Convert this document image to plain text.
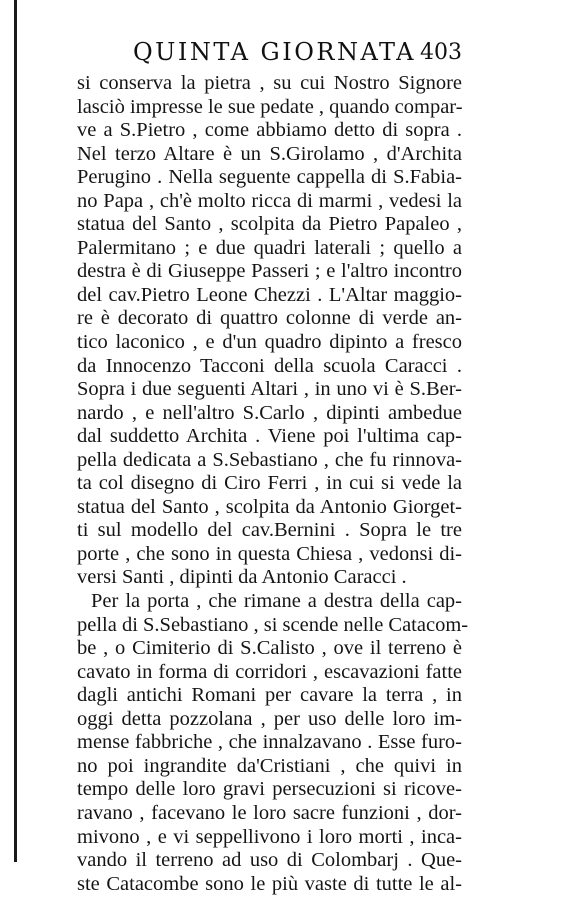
QUINTA GIORNATA 403
si conserva la pietra , su cui Nostro Signore
lasciò impresse le sue pedate , quando compar-
ve a S.Pietro , come abbiamo detto di sopra .
Nel terzo Altare è un S.Girolamo , d'Archita
Perugino . Nella seguente cappella di S.Fabia-
no Papa , ch'è molto ricca di marmi , vedesi la
statua del Santo , scolpita da Pietro Papaleo ,
Palermitano ; e due quadri laterali ; quello a
destra è di Giuseppe Passeri ; e l'altro incontro
del cav.Pietro Leone Chezzi . L'Altar maggio-
re è decorato di quattro colonne di verde an-
tico laconico , e d'un quadro dipinto a fresco
da Innocenzo Tacconi della scuola Caracci .
Sopra i due seguenti Altari , in uno vi è S.Ber-
nardo , e nell'altro S.Carlo , dipinti ambedue
dal suddetto Archita . Viene poi l'ultima cap-
pella dedicata a S.Sebastiano , che fu rinnova-
ta col disegno di Ciro Ferri , in cui si vede la
statua del Santo , scolpita da Antonio Giorget-
ti sul modello del cav.Bernini . Sopra le tre
porte , che sono in questa Chiesa , vedonsi di-
versi Santi , dipinti da Antonio Caracci .
Per la porta , che rimane a destra della cap-
pella di S.Sebastiano , si scende nelle Catacom-
be , o Cimiterio di S.Calisto , ove il terreno è
cavato in forma di corridori , escavazioni fatte
dagli antichi Romani per cavare la terra , in
oggi detta pozzolana , per uso delle loro im-
mense fabbriche , che innalzavano . Esse furo-
no poi ingrandite da'Cristiani , che quivi in
tempo delle loro gravi persecuzioni si ricove-
ravano , facevano le loro sacre funzioni , dor-
mivono , e vi seppellivono i loro morti , inca-
vando il terreno ad uso di Colombarj . Que-
ste Catacombe sono le più vaste di tutte le al-
